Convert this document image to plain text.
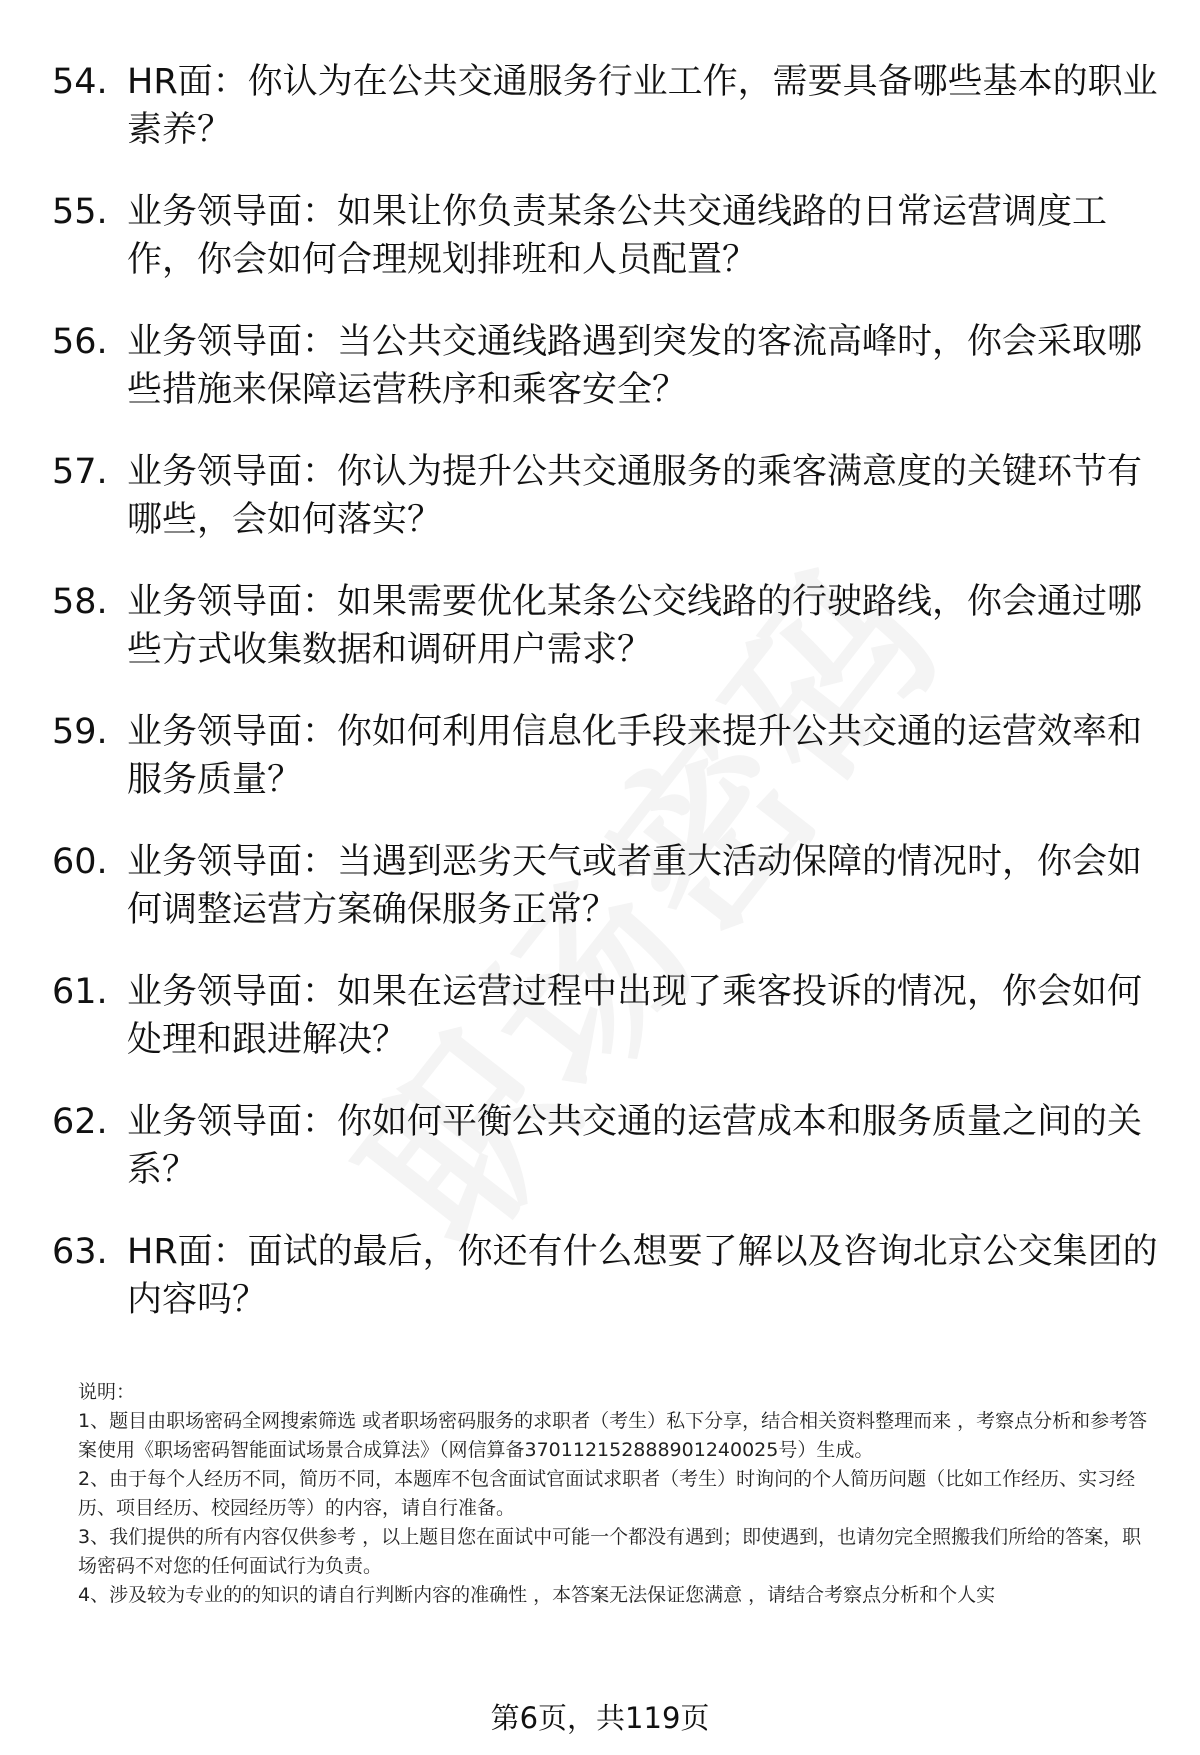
54. HR面：你认为在公共交通服务行业工作，需要具备哪些基本的职业素养？
55. 业务领导面：如果让你负责某条公共交通线路的日常运营调度工作，你会如何合理规划排班和人员配置？
56. 业务领导面：当公共交通线路遇到突发的客流高峰时，你会采取哪些措施来保障运营秩序和乘客安全？
57. 业务领导面：你认为提升公共交通服务的乘客满意度的关键环节有哪些，会如何落实？
58. 业务领导面：如果需要优化某条公交线路的行驶路线，你会通过哪些方式收集数据和调研用户需求？
59. 业务领导面：你如何利用信息化手段来提升公共交通的运营效率和服务质量？
60. 业务领导面：当遇到恶劣天气或者重大活动保障的情况时，你会如何调整运营方案确保服务正常？
61. 业务领导面：如果在运营过程中出现了乘客投诉的情况，你会如何处理和跟进解决？
62. 业务领导面：你如何平衡公共交通的运营成本和服务质量之间的关系？
63. HR面：面试的最后，你还有什么想要了解以及咨询北京公交集团的内容吗？

说明：

1、题目由职场密码全网搜索筛选 或者职场密码服务的求职者（考生）私下分享，结合相关资料整理而来 ，考察点分析和参考答案使用《职场密码智能面试场景合成算法》（网信算备370112152888901240025号）生成。

2、由于每个人经历不同，简历不同，本题库不包含面试官面试求职者（考生）时询问的个人简历问题（比如工作经历、实习经历、项目经历、校园经历等）的内容，请自行准备。

3、我们提供的所有内容仅供参考 ，以上题目您在面试中可能一个都没有遇到；即使遇到，也请勿完全照搬我们所给的答案，职场密码不对您的任何面试行为负责。

4、涉及较为专业的的知识的请自行判断内容的准确性 ，本答案无法保证您满意 ，请结合考察点分析和个人实

第6页，共119页
